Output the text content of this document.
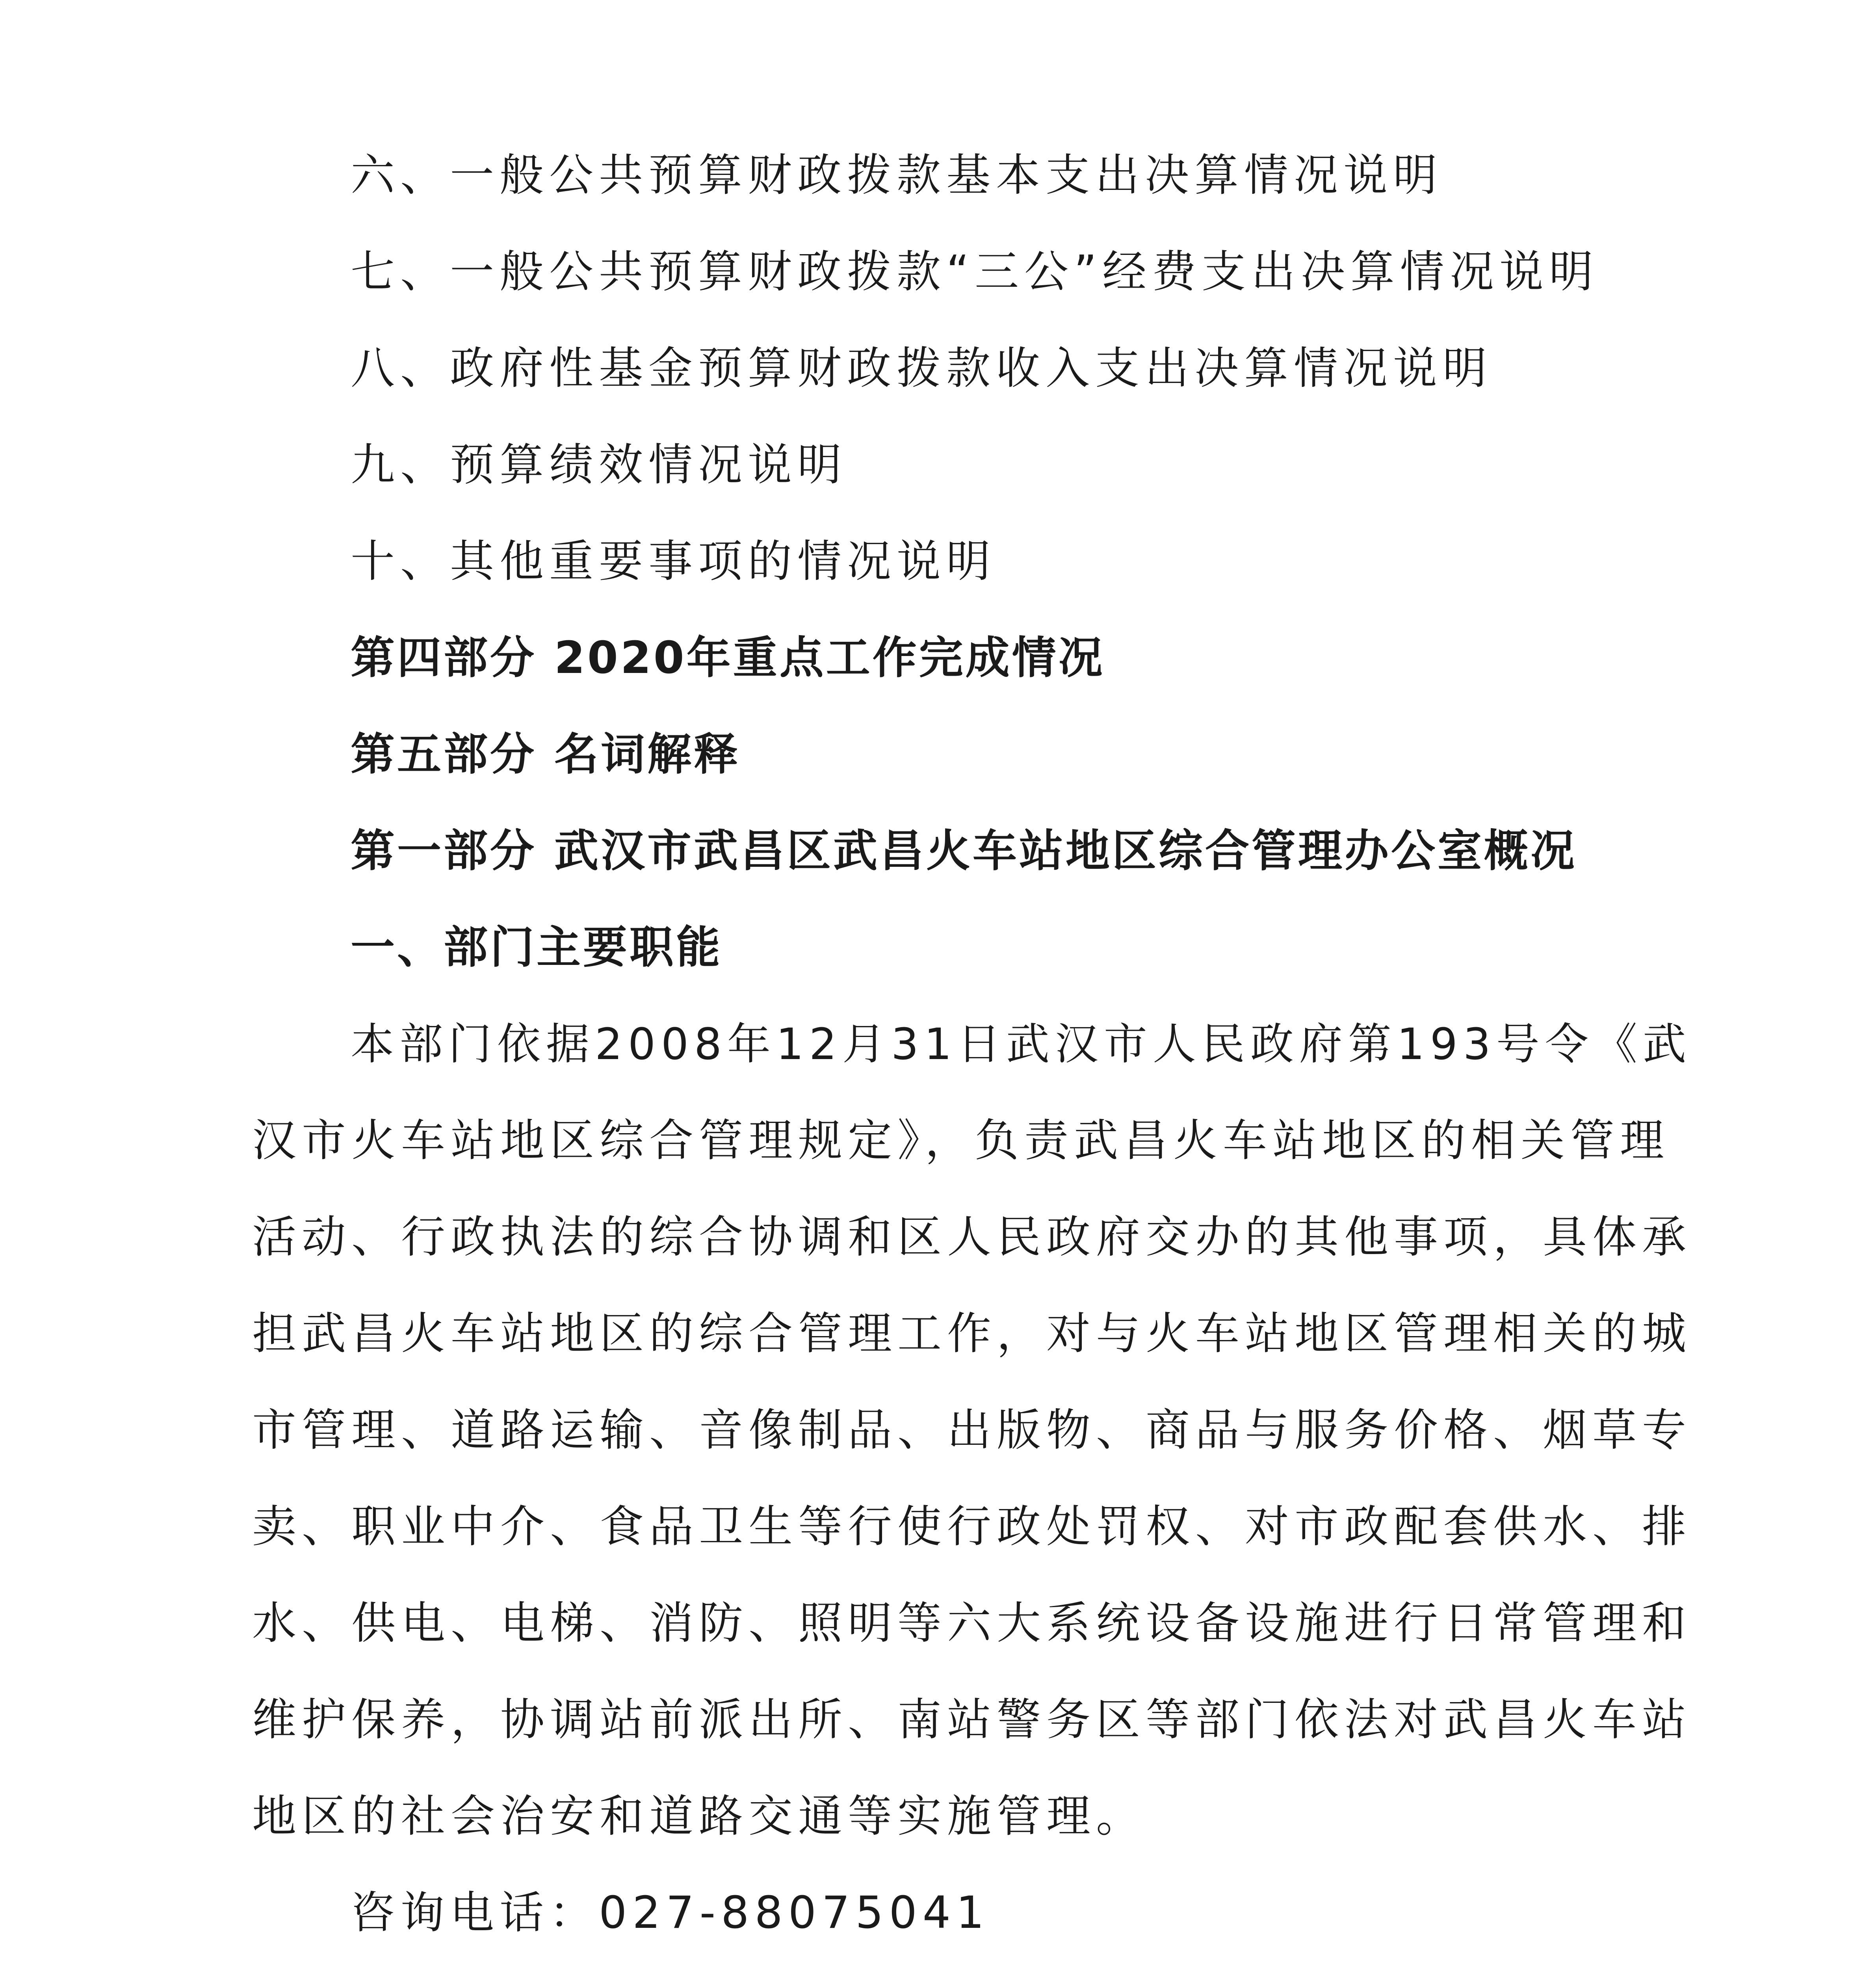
六、一般公共预算财政拨款基本支出决算情况说明
七、一般公共预算财政拨款“三公”经费支出决算情况说明
八、政府性基金预算财政拨款收入支出决算情况说明
九、预算绩效情况说明
十、其他重要事项的情况说明
第四部分 2020年重点工作完成情况
第五部分 名词解释
第一部分 武汉市武昌区武昌火车站地区综合管理办公室概况
一、部门主要职能
本部门依据2008年12月31日武汉市人民政府第193号令《武
汉市火车站地区综合管理规定》，负责武昌火车站地区的相关管理
活动、行政执法的综合协调和区人民政府交办的其他事项，具体承
担武昌火车站地区的综合管理工作，对与火车站地区管理相关的城
市管理、道路运输、音像制品、出版物、商品与服务价格、烟草专
卖、职业中介、食品卫生等行使行政处罚权、对市政配套供水、排
水、供电、电梯、消防、照明等六大系统设备设施进行日常管理和
维护保养，协调站前派出所、南站警务区等部门依法对武昌火车站
地区的社会治安和道路交通等实施管理。
咨询电话：027-88075041
